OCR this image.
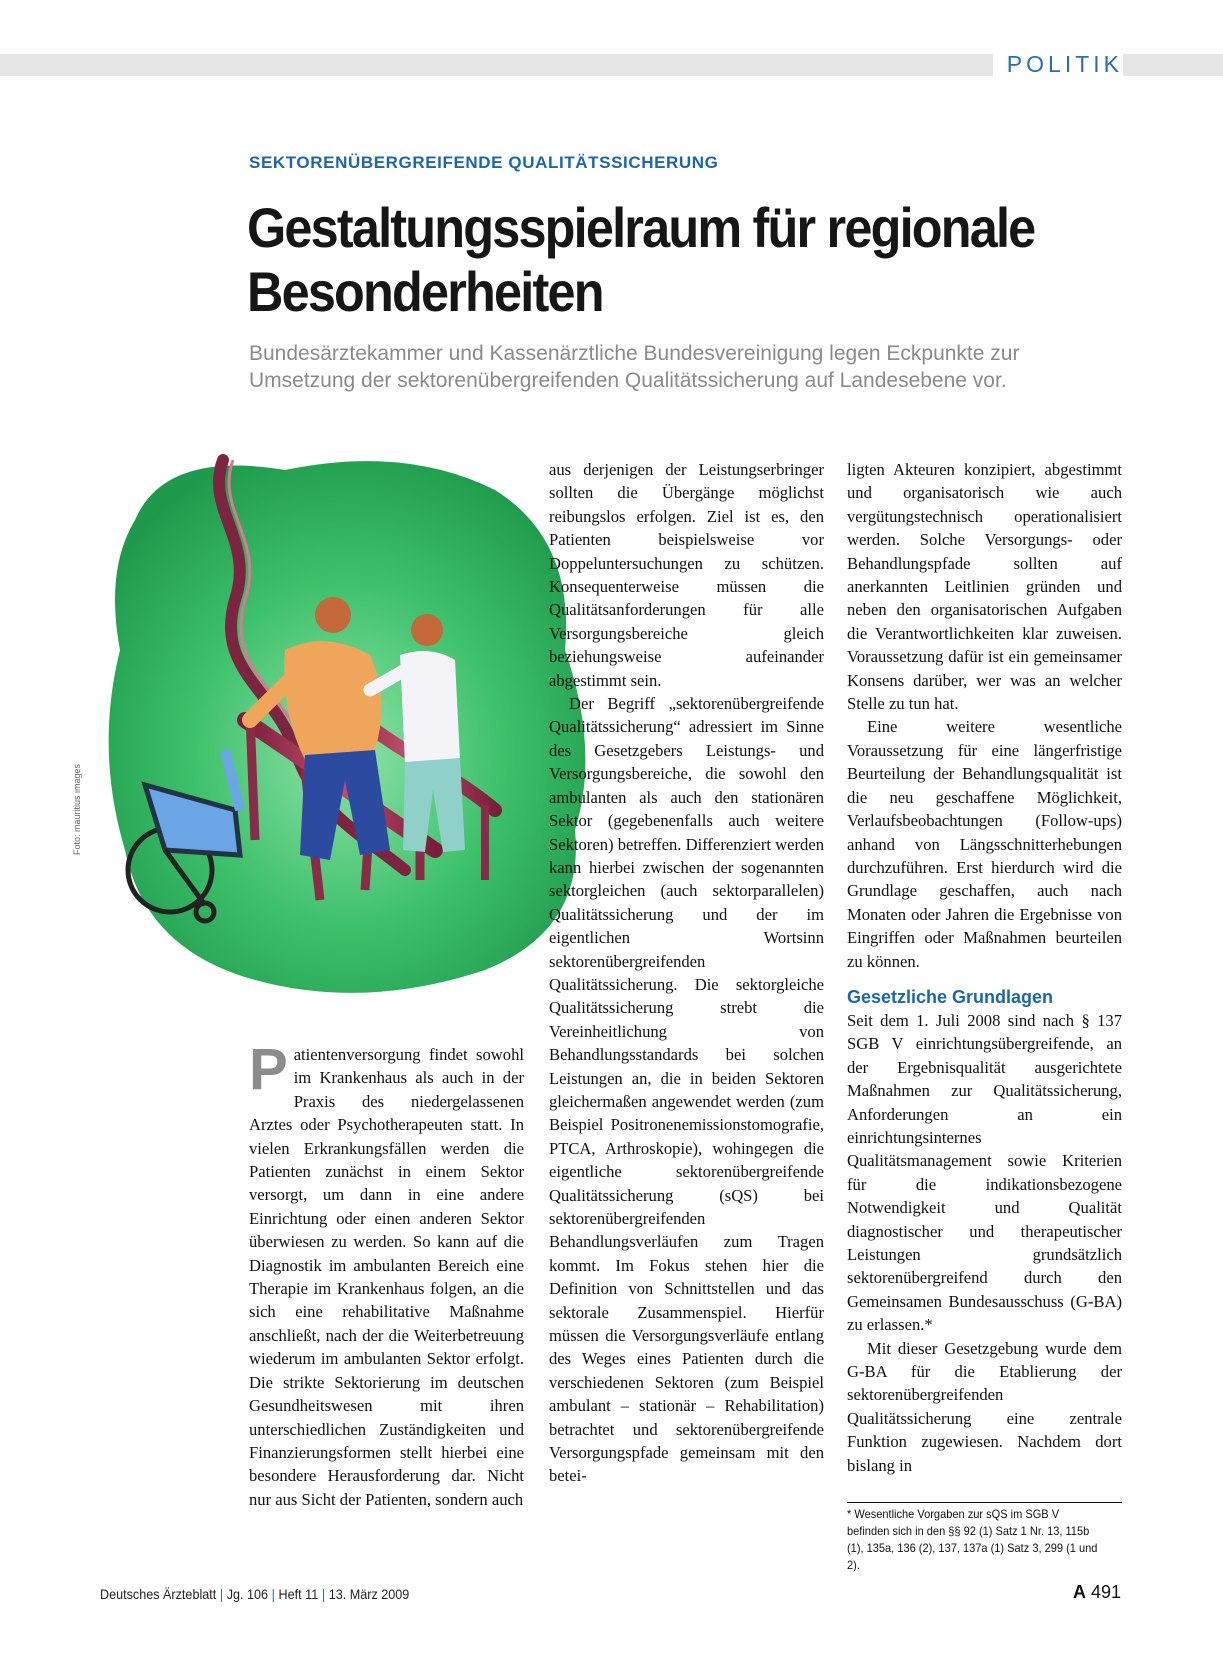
POLITIK
SEKTORENÜBERGREIFENDE QUALITÄTSSICHERUNG
Gestaltungsspielraum für regionale Besonderheiten
Bundesärztekammer und Kassenärztliche Bundesvereinigung legen Eckpunkte zur Umsetzung der sektorenübergreifenden Qualitätssicherung auf Landesebene vor.
Foto: mauritius images

Patientenversorgung findet sowohl im Krankenhaus als auch in der Praxis des niedergelassenen Arztes oder Psychotherapeuten statt. In vielen Erkrankungsfällen werden die Patienten zunächst in einem Sektor versorgt, um dann in eine andere Einrichtung oder einen anderen Sektor überwiesen zu werden. So kann auf die Diagnostik im ambulanten Bereich eine Therapie im Krankenhaus folgen, an die sich eine rehabilitative Maßnahme anschließt, nach der die Weiterbetreuung wiederum im ambulanten Sektor erfolgt. Die strikte Sektorierung im deutschen Gesundheitswesen mit ihren unterschiedlichen Zuständigkeiten und Finanzierungsformen stellt hierbei eine besondere Herausforderung dar. Nicht nur aus Sicht der Patienten, sondern auch

aus derjenigen der Leistungserbringer sollten die Übergänge möglichst reibungslos erfolgen. Ziel ist es, den Patienten beispielsweise vor Doppeluntersuchungen zu schützen. Konsequenterweise müssen die Qualitätsanforderungen für alle Versorgungsbereiche gleich beziehungsweise aufeinander abgestimmt sein.

Der Begriff „sektorenübergreifende Qualitätssicherung“ adressiert im Sinne des Gesetzgebers Leistungs- und Versorgungsbereiche, die sowohl den ambulanten als auch den stationären Sektor (gegebenenfalls auch weitere Sektoren) betreffen. Differenziert werden kann hierbei zwischen der sogenannten sektorgleichen (auch sektorparallelen) Qualitätssicherung und der im eigentlichen Wortsinn sektorenübergreifenden Qualitätssicherung. Die sektorgleiche Qualitätssicherung strebt die Vereinheitlichung von Behandlungsstandards bei solchen Leistungen an, die in beiden Sektoren gleichermaßen angewendet werden (zum Beispiel Positronenemissionstomografie, PTCA, Arthroskopie), wohingegen die eigentliche sektorenübergreifende Qualitätssicherung (sQS) bei sektorenübergreifenden Behandlungsverläufen zum Tragen kommt. Im Fokus stehen hier die Definition von Schnittstellen und das sektorale Zusammenspiel. Hierfür müssen die Versorgungsverläufe entlang des Weges eines Patienten durch die verschiedenen Sektoren (zum Beispiel ambulant – stationär – Rehabilitation) betrachtet und sektorenübergreifende Versorgungspfade gemeinsam mit den betei-

ligten Akteuren konzipiert, abgestimmt und organisatorisch wie auch vergütungstechnisch operationalisiert werden. Solche Versorgungs- oder Behandlungspfade sollten auf anerkannten Leitlinien gründen und neben den organisatorischen Aufgaben die Verantwortlichkeiten klar zuweisen. Voraussetzung dafür ist ein gemeinsamer Konsens darüber, wer was an welcher Stelle zu tun hat.

Eine weitere wesentliche Voraussetzung für eine längerfristige Beurteilung der Behandlungsqualität ist die neu geschaffene Möglichkeit, Verlaufsbeobachtungen (Follow-ups) anhand von Längsschnitterhebungen durchzuführen. Erst hierdurch wird die Grundlage geschaffen, auch nach Monaten oder Jahren die Ergebnisse von Eingriffen oder Maßnahmen beurteilen zu können.

Gesetzliche Grundlagen

Seit dem 1. Juli 2008 sind nach § 137 SGB V einrichtungsübergreifende, an der Ergebnisqualität ausgerichtete Maßnahmen zur Qualitätssicherung, Anforderungen an ein einrichtungsinternes Qualitätsmanagement sowie Kriterien für die indikationsbezogene Notwendigkeit und Qualität diagnostischer und therapeutischer Leistungen grundsätzlich sektorenübergreifend durch den Gemeinsamen Bundesausschuss (G-BA) zu erlassen.*

Mit dieser Gesetzgebung wurde dem G-BA für die Etablierung der sektorenübergreifenden Qualitätssicherung eine zentrale Funktion zugewiesen. Nachdem dort bislang in

* Wesentliche Vorgaben zur sQS im SGB V befinden sich in den §§ 92 (1) Satz 1 Nr. 13, 115b (1), 135a, 136 (2), 137, 137a (1) Satz 3, 299 (1 und 2).
Deutsches Ärzteblatt | Jg. 106 | Heft 11 | 13. März 2009	A 491
